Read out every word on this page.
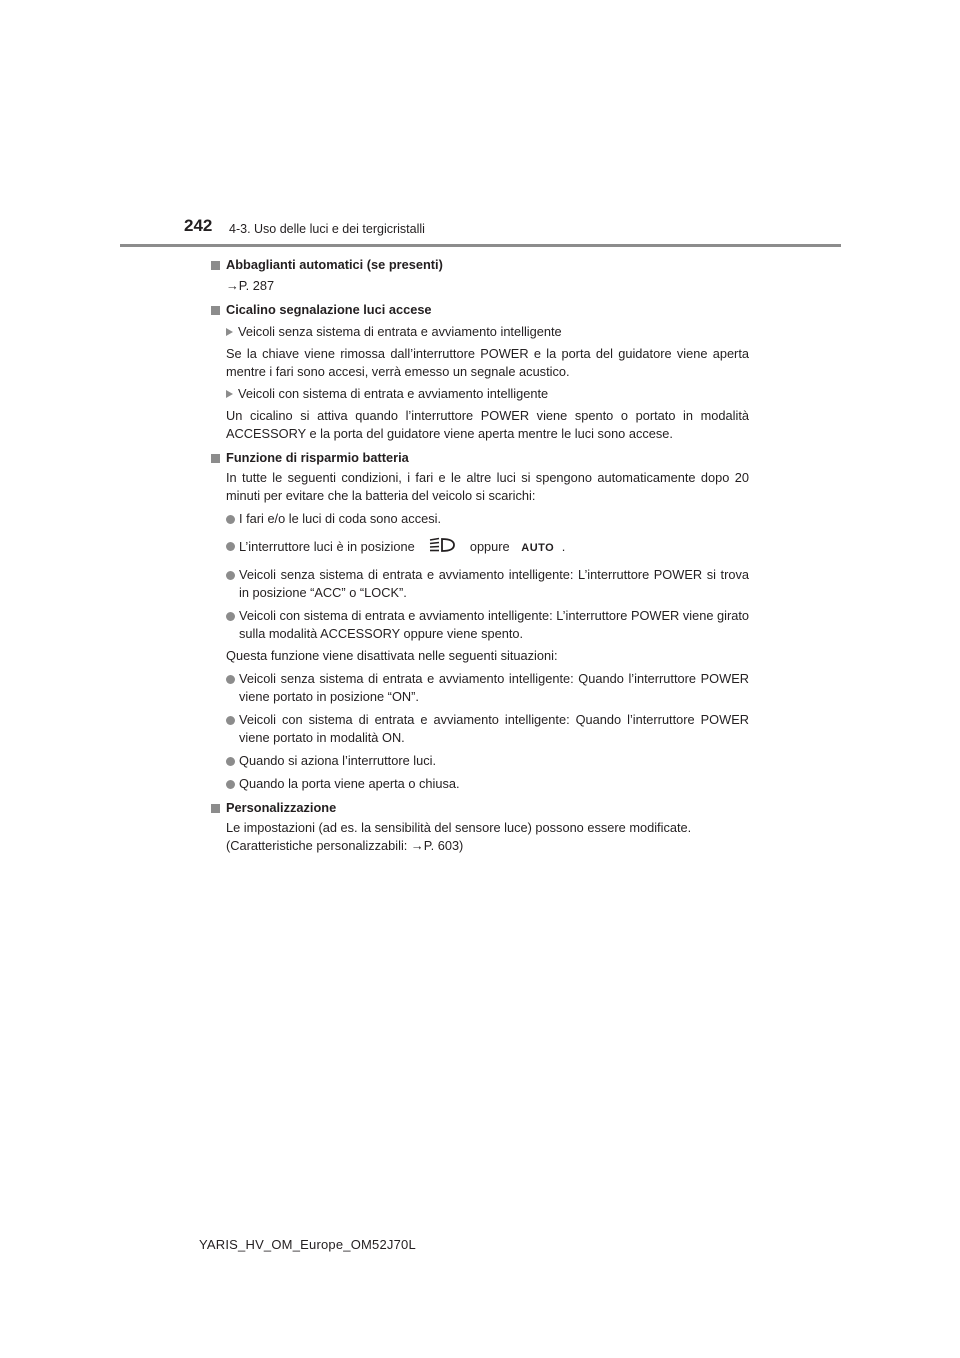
242 4-3. Uso delle luci e dei tergicristalli
Abbaglianti automatici (se presenti)
→P. 287
Cicalino segnalazione luci accese
Veicoli senza sistema di entrata e avviamento intelligente
Se la chiave viene rimossa dall’interruttore POWER e la porta del guidatore viene aperta mentre i fari sono accesi, verrà emesso un segnale acustico.
Veicoli con sistema di entrata e avviamento intelligente
Un cicalino si attiva quando l’interruttore POWER viene spento o portato in modalità ACCESSORY e la porta del guidatore viene aperta mentre le luci sono accese.
Funzione di risparmio batteria
In tutte le seguenti condizioni, i fari e le altre luci si spengono automaticamente dopo 20 minuti per evitare che la batteria del veicolo si scarichi:
I fari e/o le luci di coda sono accesi.
L’interruttore luci è in posizione	oppure AUTO .
Veicoli senza sistema di entrata e avviamento intelligente: L’interruttore POWER si trova in posizione “ACC” o “LOCK”.
Veicoli con sistema di entrata e avviamento intelligente: L’interruttore POWER viene girato sulla modalità ACCESSORY oppure viene spento.
Questa funzione viene disattivata nelle seguenti situazioni:
Veicoli senza sistema di entrata e avviamento intelligente: Quando l’interruttore POWER viene portato in posizione “ON”.
Veicoli con sistema di entrata e avviamento intelligente: Quando l’interruttore POWER viene portato in modalità ON.
Quando si aziona l’interruttore luci.
Quando la porta viene aperta o chiusa.
Personalizzazione
Le impostazioni (ad es. la sensibilità del sensore luce) possono essere modificate.
(Caratteristiche personalizzabili: →P. 603)
YARIS_HV_OM_Europe_OM52J70L
